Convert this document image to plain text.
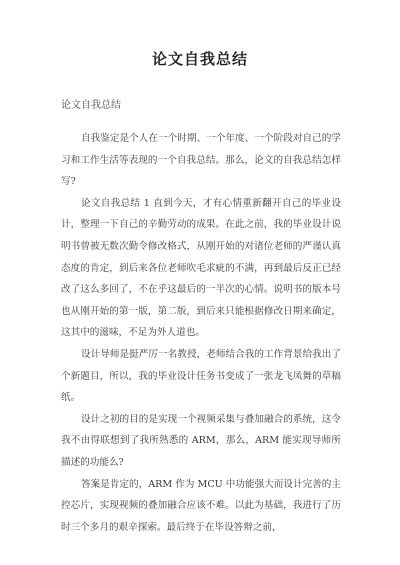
论文自我总结
论文自我总结

自我鉴定是个人在一个时期、一个年度、一个阶段对自己的学习和工作生活等表现的一个自我总结。那么，论文的自我总结怎样写?

论文自我总结 1 直到今天，才有心情重新翻开自己的毕业设计，整理一下自己的辛勤劳动的成果。在此之前，我的毕业设计说明书曾被无数次勤令修改格式，从刚开始的对诸位老师的严谨认真态度的肯定，到后来各位老师吹毛求疵的不满，再到最后反正已经改了这么多回了，不在乎这最后的一半次的心情。说明书的版本号也从刚开始的第一版，第二版，到后来只能根据修改日期来确定，这其中的滋味，不足为外人道也。

设计导师是挺严厉一名教授，老师结合我的工作背景给我出了个新题目，所以，我的毕业设计任务书变成了一张龙飞凤舞的草稿纸。

设计之初的目的是实现一个视频采集与叠加融合的系统，这令我不由得联想到了我所熟悉的 ARM，那么，ARM 能实现导师所描述的功能么?

答案是肯定的，ARM 作为 MCU 中功能强大而设计完善的主控芯片，实现视频的叠加融合应该不难。以此为基础，我进行了历时三个多月的艰辛探索。最后终于在毕设答辩之前，
